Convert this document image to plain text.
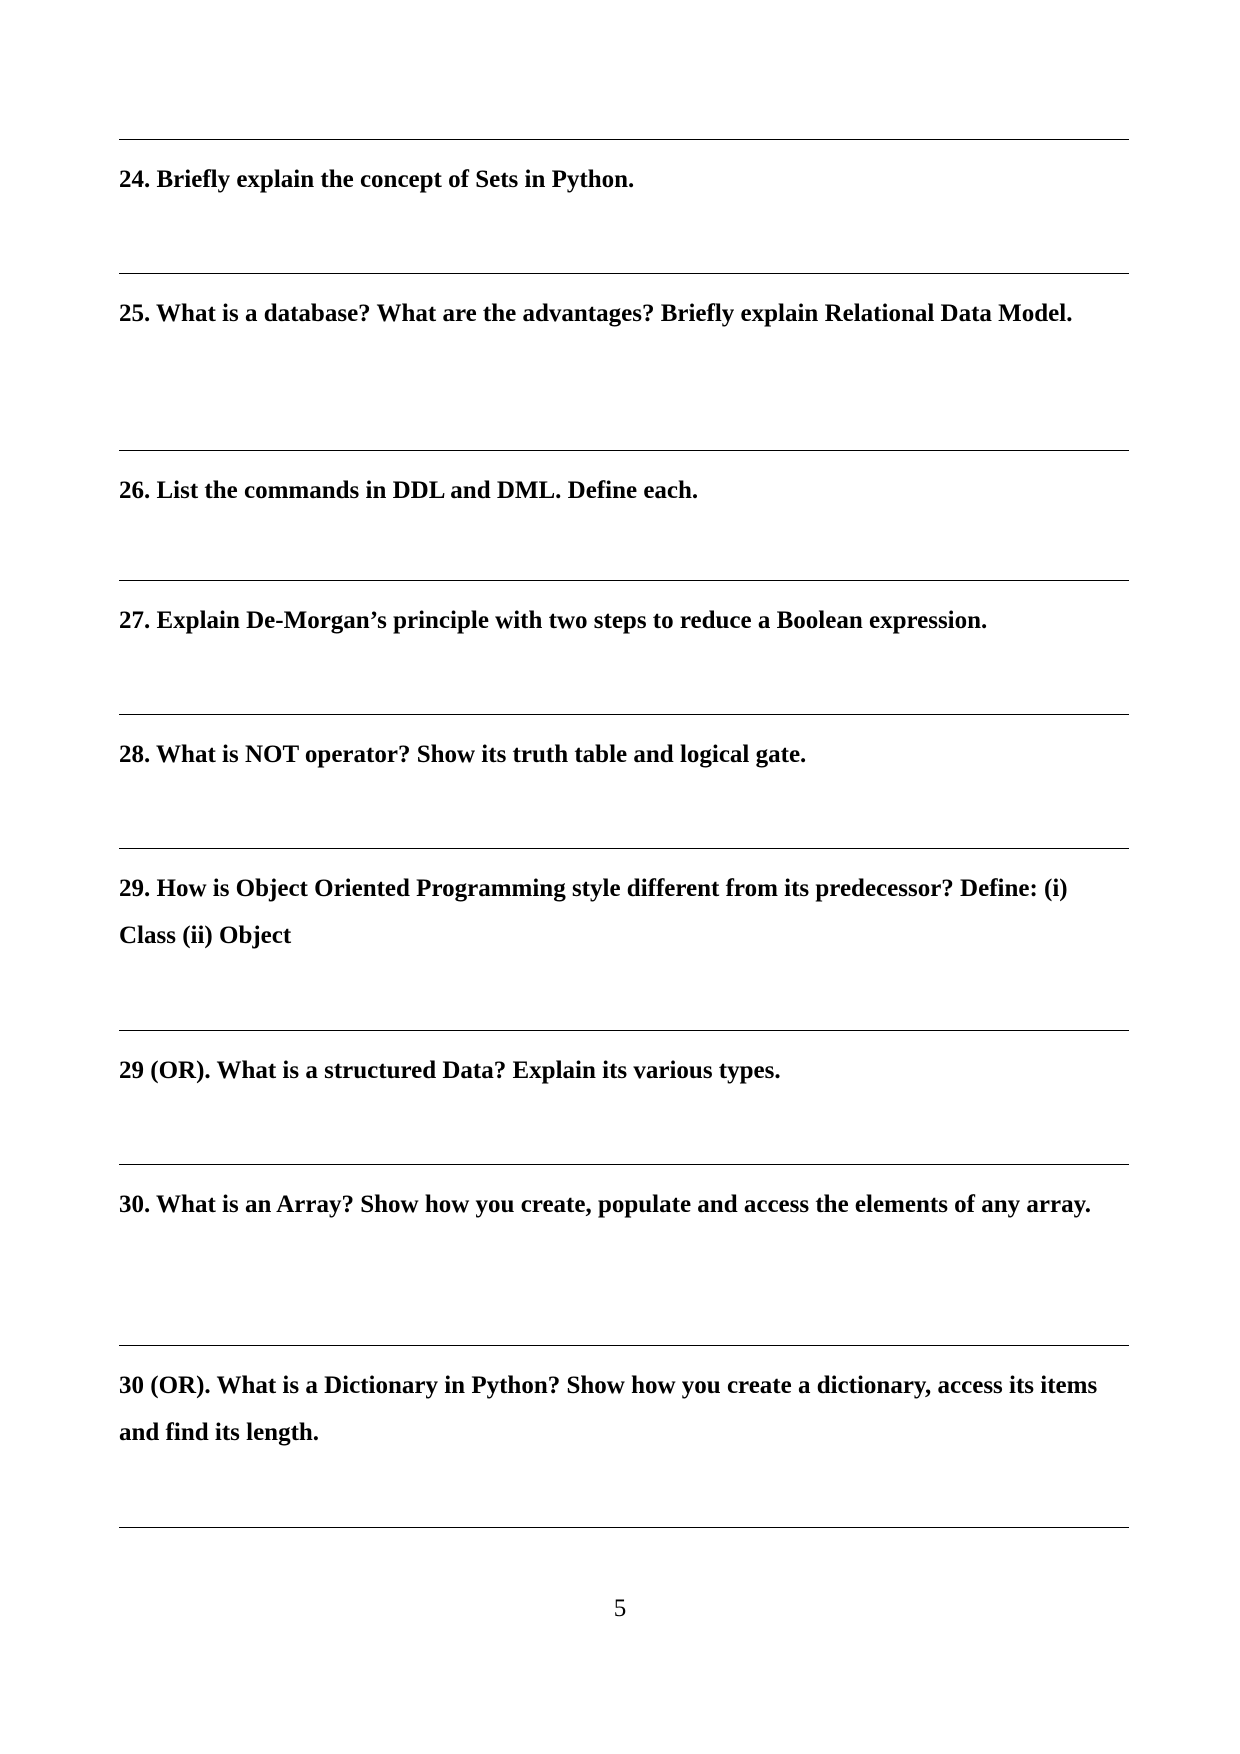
24. Briefly explain the concept of Sets in Python.

25. What is a database? What are the advantages? Briefly explain Relational Data Model.

26. List the commands in DDL and DML. Define each.

27. Explain De-Morgan’s principle with two steps to reduce a Boolean expression.

28. What is NOT operator? Show its truth table and logical gate.

29. How is Object Oriented Programming style different from its predecessor? Define: (i) Class (ii) Object

29 (OR). What is a structured Data? Explain its various types.

30. What is an Array? Show how you create, populate and access the elements of any array.

30 (OR). What is a Dictionary in Python? Show how you create a dictionary, access its items and find its length.

5
